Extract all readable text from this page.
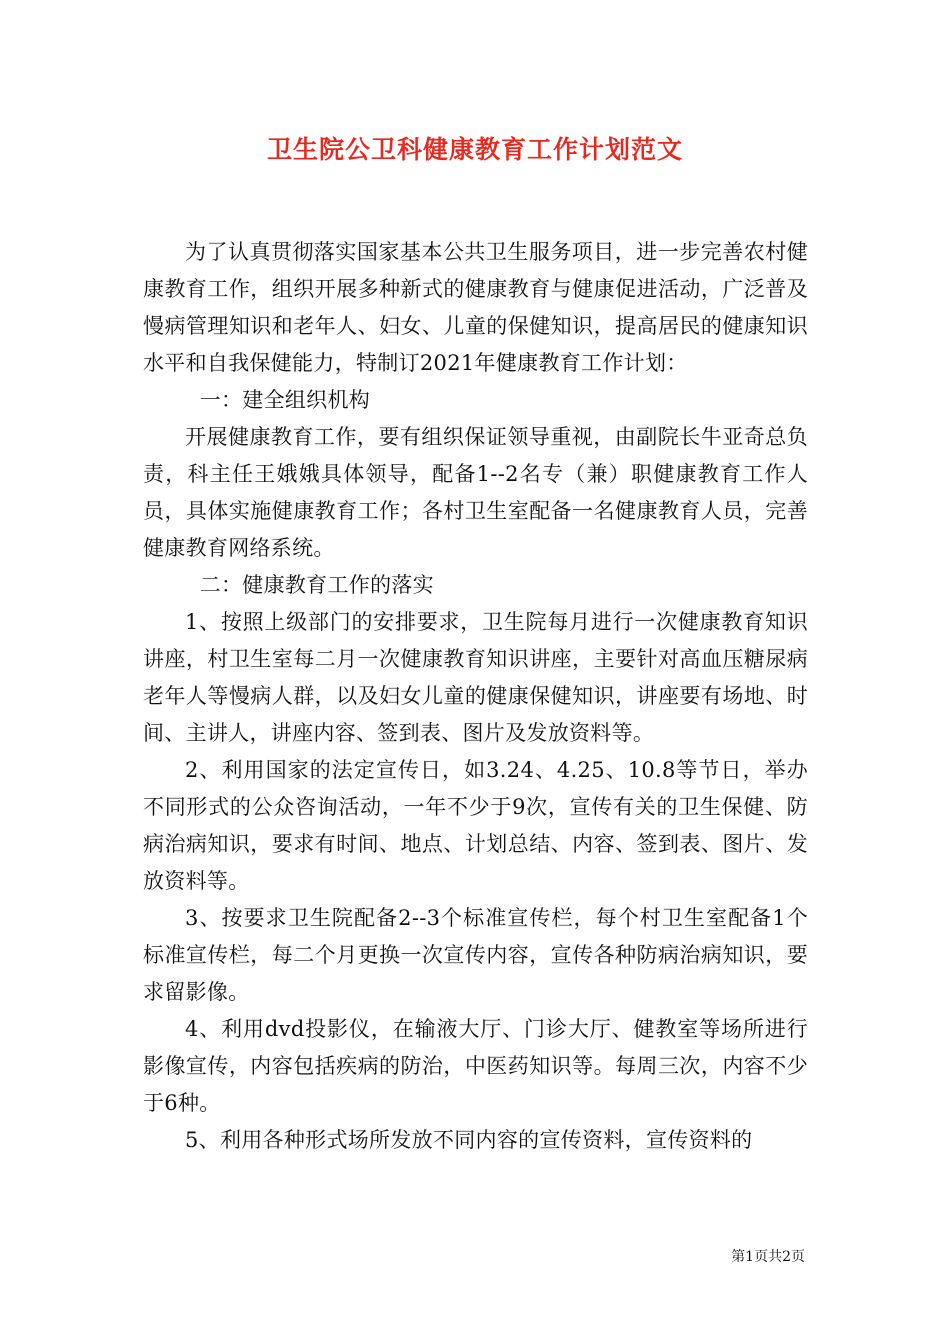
卫生院公卫科健康教育工作计划范文

为了认真贯彻落实国家基本公共卫生服务项目，进一步完善农村健康教育工作，组织开展多种新式的健康教育与健康促进活动，广泛普及慢病管理知识和老年人、妇女、儿童的保健知识，提高居民的健康知识水平和自我保健能力，特制订2021年健康教育工作计划：

一：建全组织机构

开展健康教育工作，要有组织保证领导重视，由副院长牛亚奇总负责，科主任王娥娥具体领导，配备1--2名专（兼）职健康教育工作人员，具体实施健康教育工作；各村卫生室配备一名健康教育人员，完善健康教育网络系统。

二：健康教育工作的落实

1、按照上级部门的安排要求，卫生院每月进行一次健康教育知识讲座，村卫生室每二月一次健康教育知识讲座，主要针对高血压糖尿病老年人等慢病人群，以及妇女儿童的健康保健知识，讲座要有场地、时间、主讲人，讲座内容、签到表、图片及发放资料等。

2、利用国家的法定宣传日，如3.24、4.25、10.8等节日，举办不同形式的公众咨询活动，一年不少于9次，宣传有关的卫生保健、防病治病知识，要求有时间、地点、计划总结、内容、签到表、图片、发放资料等。

3、按要求卫生院配备2--3个标准宣传栏，每个村卫生室配备1个标准宣传栏，每二个月更换一次宣传内容，宣传各种防病治病知识，要求留影像。

4、利用dvd投影仪，在输液大厅、门诊大厅、健教室等场所进行影像宣传，内容包括疾病的防治，中医药知识等。每周三次，内容不少于6种。

5、利用各种形式场所发放不同内容的宣传资料，宣传资料的

第1页共2页
